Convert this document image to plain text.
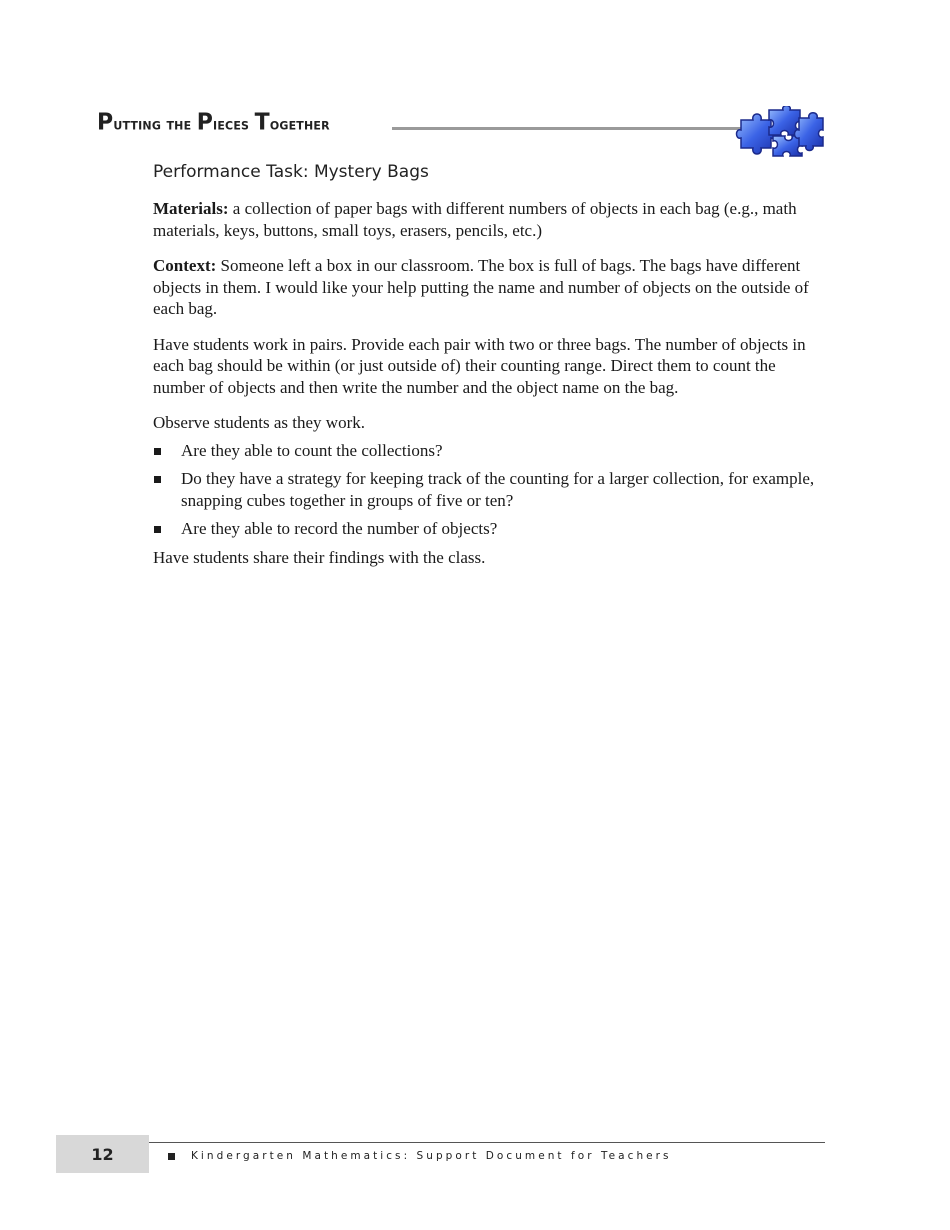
Putting the Pieces Together
Performance Task: Mystery Bags

Materials: a collection of paper bags with different numbers of objects in each bag (e.g., math materials, keys, buttons, small toys, erasers, pencils, etc.)

Context: Someone left a box in our classroom. The box is full of bags. The bags have different objects in them. I would like your help putting the name and number of objects on the outside of each bag.

Have students work in pairs. Provide each pair with two or three bags. The number of objects in each bag should be within (or just outside of) their counting range. Direct them to count the number of objects and then write the number and the object name on the bag.

Observe students as they work.

Are they able to count the collections?
Do they have a strategy for keeping track of the counting for a larger collection, for example, snapping cubes together in groups of five or ten?
Are they able to record the number of objects?

Have students share their findings with the class.

12	Kindergarten Mathematics: Support Document for Teachers
